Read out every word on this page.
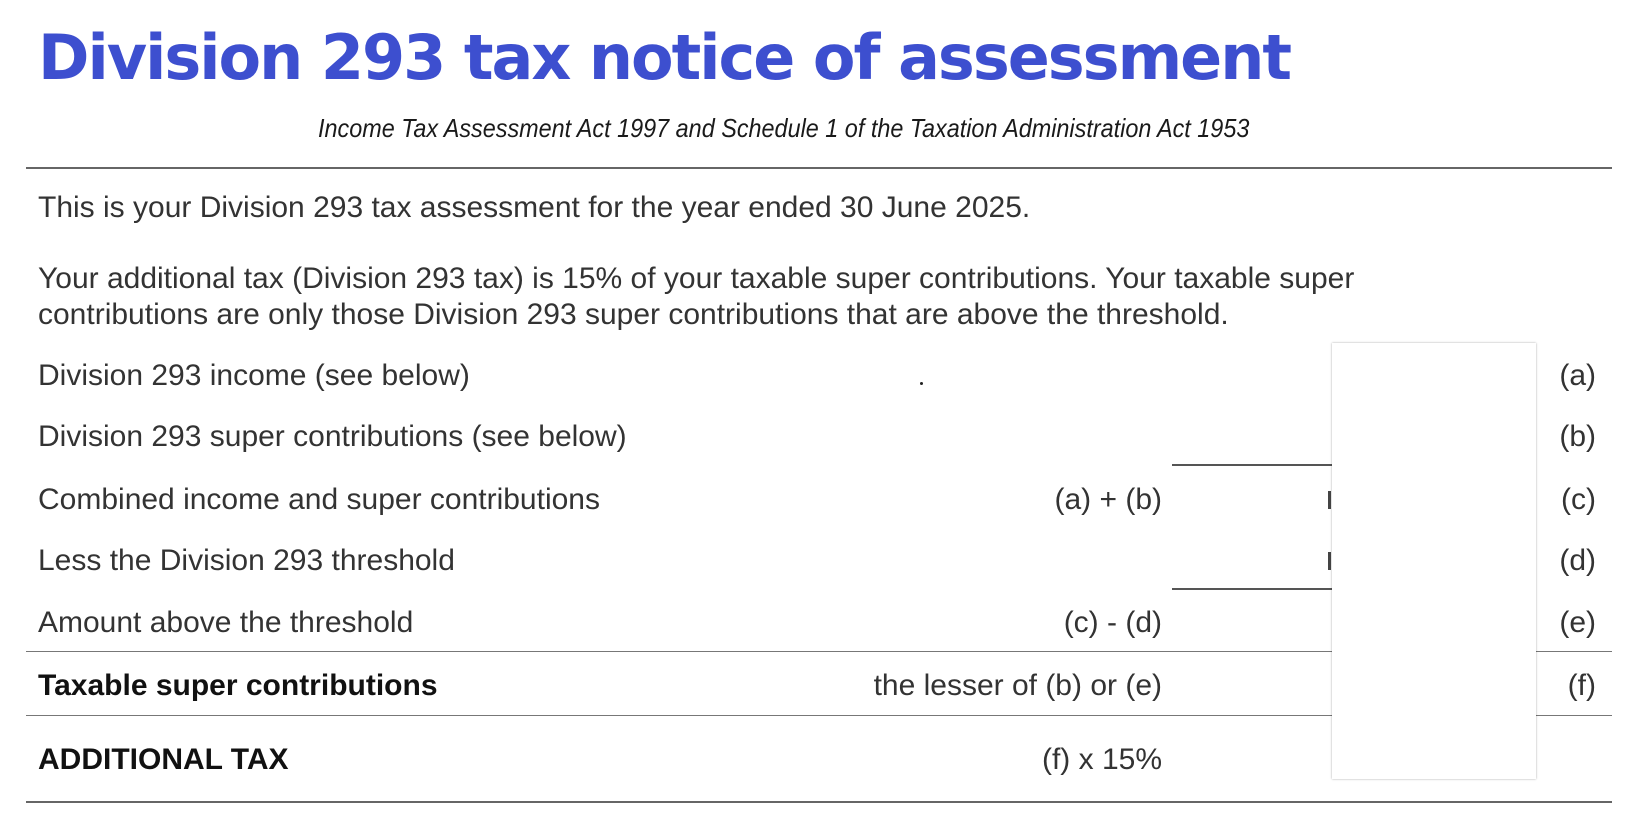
Division 293 tax notice of assessment
Income Tax Assessment Act 1997 and Schedule 1 of the Taxation Administration Act 1953
This is your Division 293 tax assessment for the year ended 30 June 2025.
Your additional tax (Division 293 tax) is 15% of your taxable super contributions. Your taxable super
contributions are only those Division 293 super contributions that are above the threshold.
Division 293 income (see below)	(a)
Division 293 super contributions (see below)	(b)
Combined income and super contributions	(a) + (b)	(c)
Less the Division 293 threshold	(d)
Amount above the threshold	(c) - (d)	(e)
Taxable super contributions	the lesser of (b) or (e)	(f)
ADDITIONAL TAX	(f) x 15%
